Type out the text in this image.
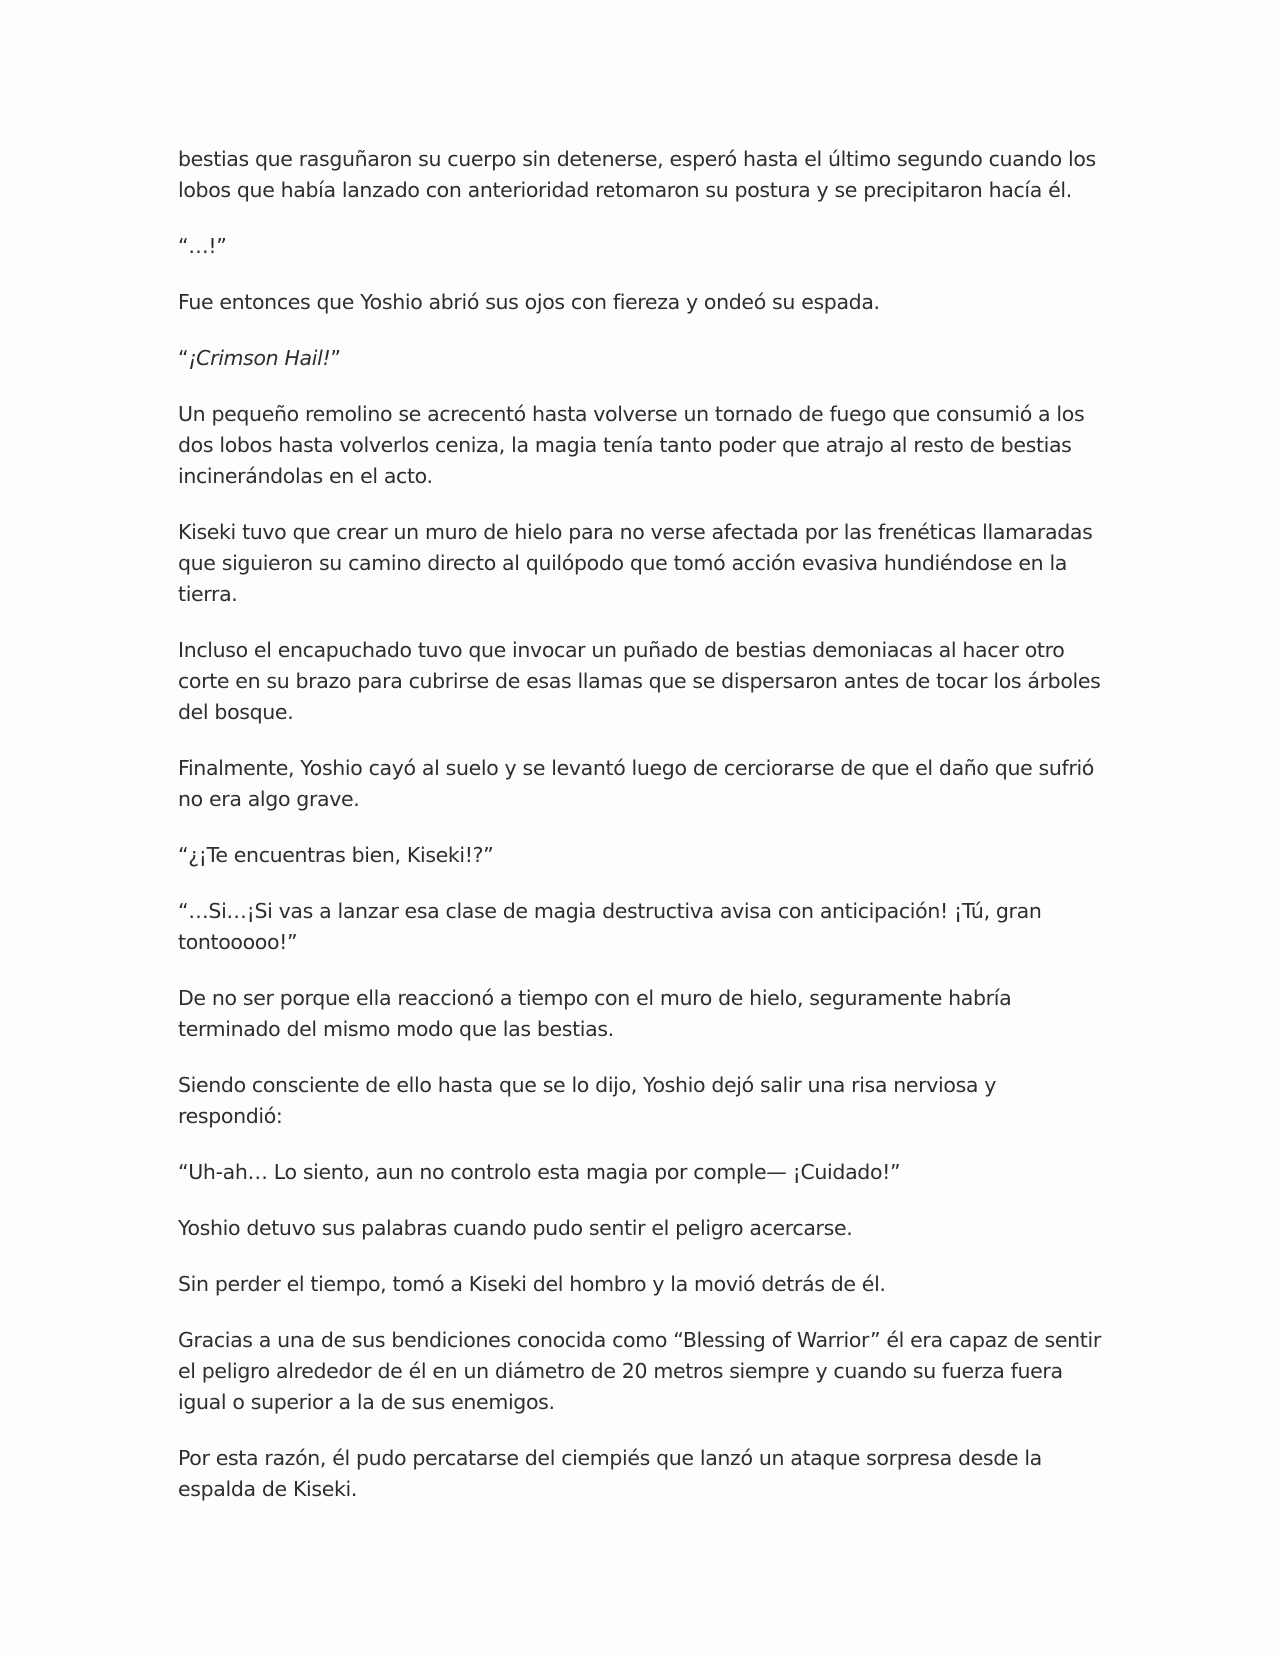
bestias que rasguñaron su cuerpo sin detenerse, esperó hasta el último segundo cuando los lobos que había lanzado con anterioridad retomaron su postura y se precipitaron hacía él.

“…!”

Fue entonces que Yoshio abrió sus ojos con fiereza y ondeó su espada.

“¡Crimson Hail!”

Un pequeño remolino se acrecentó hasta volverse un tornado de fuego que consumió a los dos lobos hasta volverlos ceniza, la magia tenía tanto poder que atrajo al resto de bestias incinerándolas en el acto.

Kiseki tuvo que crear un muro de hielo para no verse afectada por las frenéticas llamaradas que siguieron su camino directo al quilópodo que tomó acción evasiva hundiéndose en la tierra.

Incluso el encapuchado tuvo que invocar un puñado de bestias demoniacas al hacer otro corte en su brazo para cubrirse de esas llamas que se dispersaron antes de tocar los árboles del bosque.

Finalmente, Yoshio cayó al suelo y se levantó luego de cerciorarse de que el daño que sufrió no era algo grave.

“¿¡Te encuentras bien, Kiseki!?”

“…Si…¡Si vas a lanzar esa clase de magia destructiva avisa con anticipación! ¡Tú, gran tontooooo!”

De no ser porque ella reaccionó a tiempo con el muro de hielo, seguramente habría terminado del mismo modo que las bestias.

Siendo consciente de ello hasta que se lo dijo, Yoshio dejó salir una risa nerviosa y respondió:

“Uh-ah… Lo siento, aun no controlo esta magia por comple— ¡Cuidado!”

Yoshio detuvo sus palabras cuando pudo sentir el peligro acercarse.

Sin perder el tiempo, tomó a Kiseki del hombro y la movió detrás de él.

Gracias a una de sus bendiciones conocida como “Blessing of Warrior” él era capaz de sentir el peligro alrededor de él en un diámetro de 20 metros siempre y cuando su fuerza fuera igual o superior a la de sus enemigos.

Por esta razón, él pudo percatarse del ciempiés que lanzó un ataque sorpresa desde la espalda de Kiseki.
